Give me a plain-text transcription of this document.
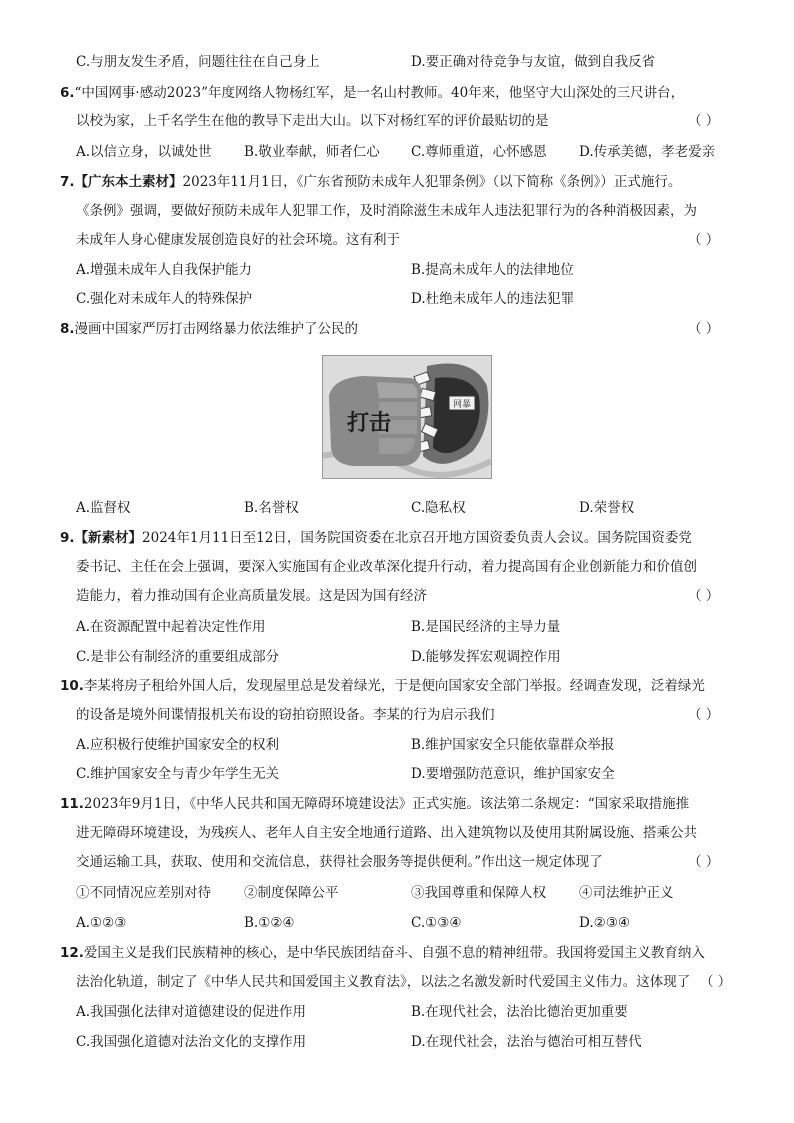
C.与朋友发生矛盾，问题往往在自己身上	D.要正确对待竞争与友谊，做到自我反省
6.“中国网事·感动2023”年度网络人物杨红军，是一名山村教师。40年来，他坚守大山深处的三尺讲台，
以校为家，上千名学生在他的教导下走出大山。以下对杨红军的评价最贴切的是	（ ）
A.以信立身，以诚处世 B.敬业奉献，师者仁心 C.尊师重道，心怀感恩 D.传承美德，孝老爱亲
7.【广东本土素材】2023年11月1日，《广东省预防未成年人犯罪条例》（以下简称《条例》）正式施行。
《条例》强调，要做好预防未成年人犯罪工作，及时消除滋生未成年人违法犯罪行为的各种消极因素，为
未成年人身心健康发展创造良好的社会环境。这有利于	（ ）
A.增强未成年人自我保护能力	B.提高未成年人的法律地位
C.强化对未成年人的特殊保护	D.杜绝未成年人的违法犯罪
8.漫画中国家严厉打击网络暴力依法维护了公民的	（ ）
网暴
打击
A.监督权	B.名誉权	C.隐私权	D.荣誉权
9.【新素材】2024年1月11日至12日，国务院国资委在北京召开地方国资委负责人会议。国务院国资委党
委书记、主任在会上强调，要深入实施国有企业改革深化提升行动，着力提高国有企业创新能力和价值创
造能力，着力推动国有企业高质量发展。这是因为国有经济	（ ）
A.在资源配置中起着决定性作用	B.是国民经济的主导力量
C.是非公有制经济的重要组成部分	D.能够发挥宏观调控作用
10.李某将房子租给外国人后，发现屋里总是发着绿光，于是便向国家安全部门举报。经调查发现，泛着绿光
的设备是境外间谍情报机关布设的窃拍窃照设备。李某的行为启示我们	（ ）
A.应积极行使维护国家安全的权利	B.维护国家安全只能依靠群众举报
C.维护国家安全与青少年学生无关	D.要增强防范意识，维护国家安全
11.2023年9月1日，《中华人民共和国无障碍环境建设法》正式实施。该法第二条规定：“国家采取措施推
进无障碍环境建设，为残疾人、老年人自主安全地通行道路、出入建筑物以及使用其附属设施、搭乘公共
交通运输工具，获取、使用和交流信息，获得社会服务等提供便利。”作出这一规定体现了	（ ）
①不同情况应差别对待 ②制度保障公平	③我国尊重和保障人权 ④司法维护正义
A.①②③	B.①②④	C.①③④	D.②③④
12.爱国主义是我们民族精神的核心，是中华民族团结奋斗、自强不息的精神纽带。我国将爱国主义教育纳入
法治化轨道，制定了《中华人民共和国爱国主义教育法》，以法之名激发新时代爱国主义伟力。这体现了 （ ）
A.我国强化法律对道德建设的促进作用	B.在现代社会，法治比德治更加重要
C.我国强化道德对法治文化的支撑作用	D.在现代社会，法治与德治可相互替代
